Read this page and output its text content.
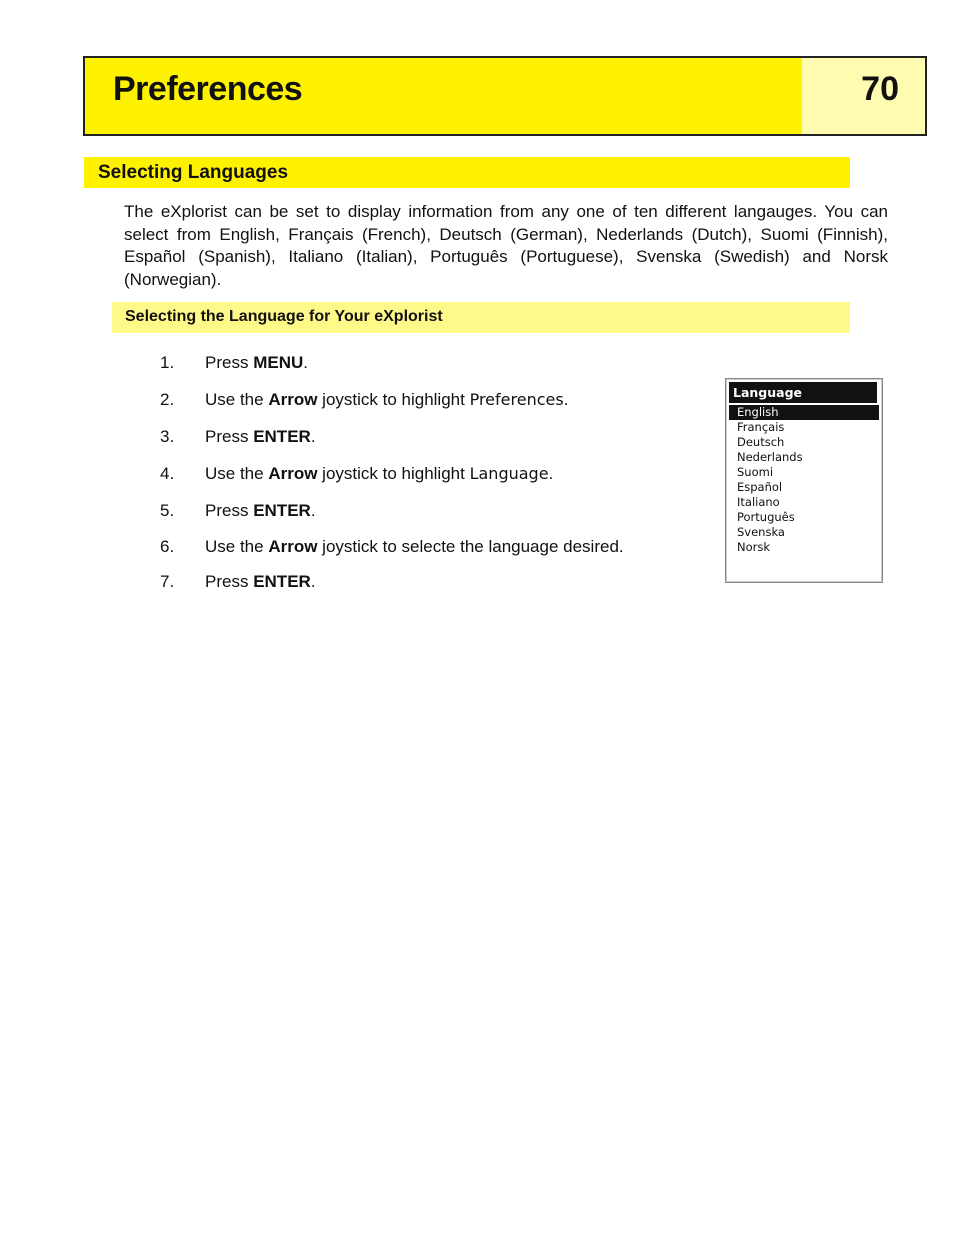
Preferences	70
Selecting Languages
The eXplorist can be set to display information from any one of ten different langauges. You can select from English, Français (French), Deutsch (German), Nederlands (Dutch), Suomi (Finnish), Español (Spanish), Italiano (Italian), Português (Portuguese), Svenska (Swedish) and Norsk (Norwegian).
Selecting the Language for Your eXplorist
1.	Press MENU.
2.	Use the Arrow joystick to highlight Preferences.
3.	Press ENTER.
4.	Use the Arrow joystick to highlight Language.
5.	Press ENTER.
6.	Use the Arrow joystick to selecte the language desired.
7.	Press ENTER.
Language
English
Français
Deutsch
Nederlands
Suomi
Español
Italiano
Português
Svenska
Norsk
